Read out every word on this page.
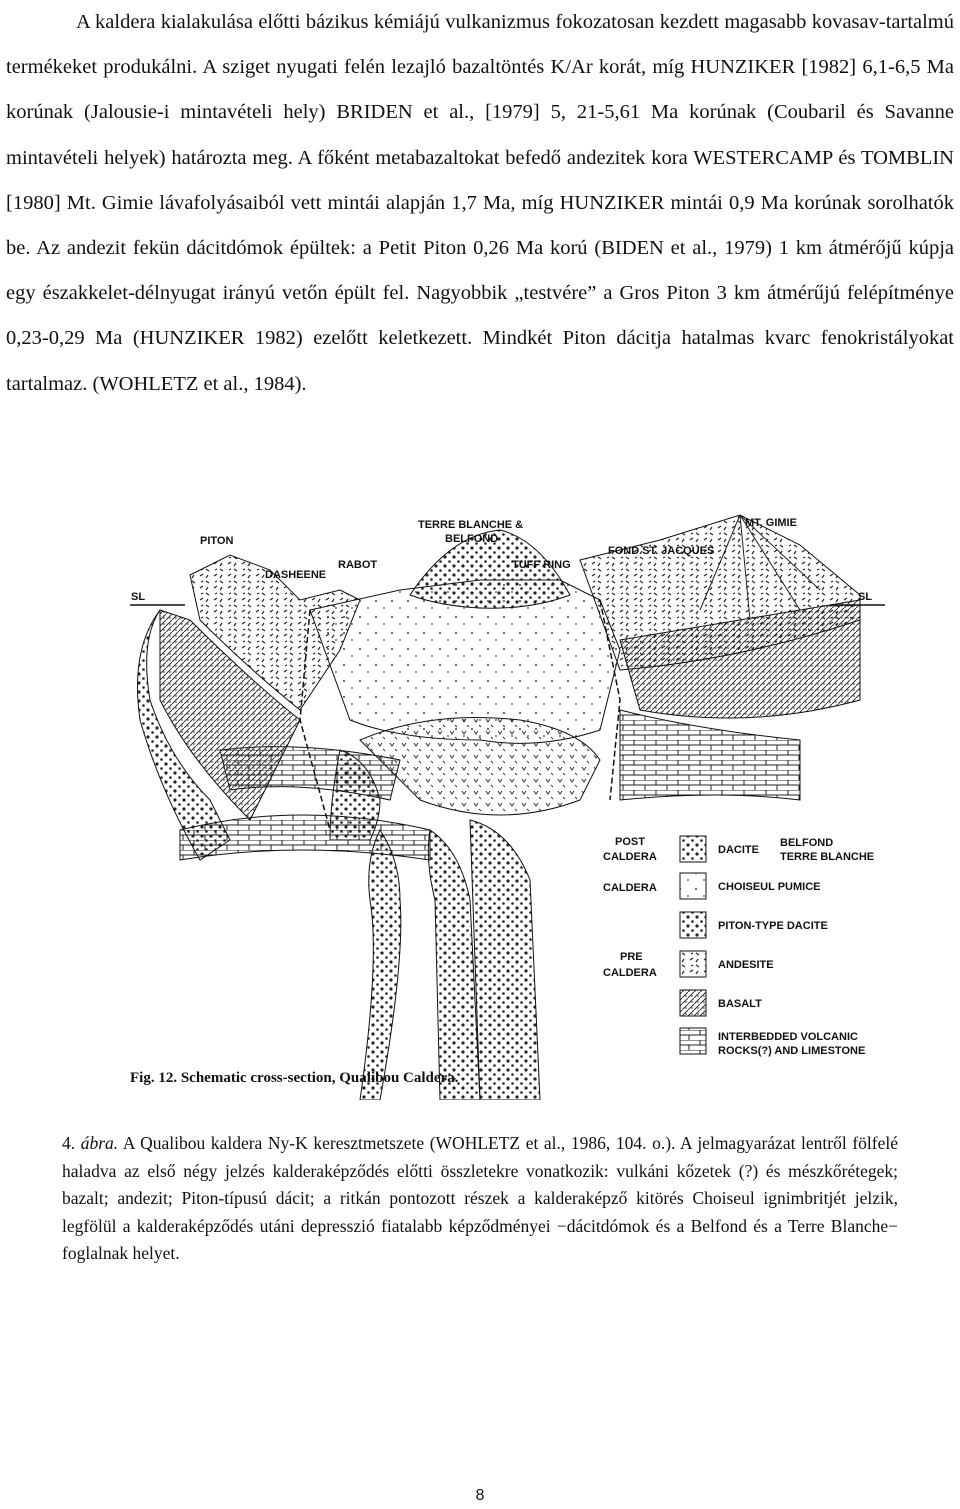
A kaldera kialakulása előtti bázikus kémiájú vulkanizmus fokozatosan kezdett magasabb kovasav-tartalmú termékeket produkálni. A sziget nyugati felén lezajló bazaltöntés K/Ar korát, míg HUNZIKER [1982] 6,1-6,5 Ma korúnak (Jalousie-i mintavételi hely) BRIDEN et al., [1979] 5, 21-5,61 Ma korúnak (Coubaril és Savanne mintavételi helyek) határozta meg. A főként metabazaltokat befedő andezitek kora WESTERCAMP és TOMBLIN [1980] Mt. Gimie lávafolyásaiból vett mintái alapján 1,7 Ma, míg HUNZIKER mintái 0,9 Ma korúnak sorolhatók be. Az andezit fekün dácitdómok épültek: a Petit Piton 0,26 Ma korú (BIDEN et al., 1979) 1 km átmérőjű kúpja egy északkelet-délnyugat irányú vetőn épült fel. Nagyobbik „testvére” a Gros Piton 3 km átmérűjú felépítménye 0,23-0,29 Ma (HUNZIKER 1982) ezelőtt keletkezett. Mindkét Piton dácitja hatalmas kvarc fenokristályokat tartalmaz. (WOHLETZ et al., 1984).

PITON
DASHEENE
RABOT
TERRE BLANCHE &
BELFOND
TUFF RING
FOND ST. JACQUES
MT. GIMIE
SL	SL
POST
CALDERA
CALDERA
PRE
CALDERA
DACITE
BELFOND
TERRE BLANCHE
CHOISEUL PUMICE
PITON-TYPE DACITE
ANDESITE
BASALT
INTERBEDDED VOLCANIC
ROCKS(?) AND LIMESTONE
Fig. 12. Schematic cross-section, Qualibou Caldera.

4. ábra. A Qualibou kaldera Ny-K keresztmetszete (WOHLETZ et al., 1986, 104. o.). A jelmagyarázat lentről fölfelé haladva az első négy jelzés kalderaképződés előtti összletekre vonatkozik: vulkáni kőzetek (?) és mészkőrétegek; bazalt; andezit; Piton-típusú dácit; a ritkán pontozott részek a kalderaképző kitörés Choiseul ignimbritjét jelzik, legfölül a kalderaképződés utáni depresszió fiatalabb képződményei −dácitdómok és a Belfond és a Terre Blanche− foglalnak helyet.

8
